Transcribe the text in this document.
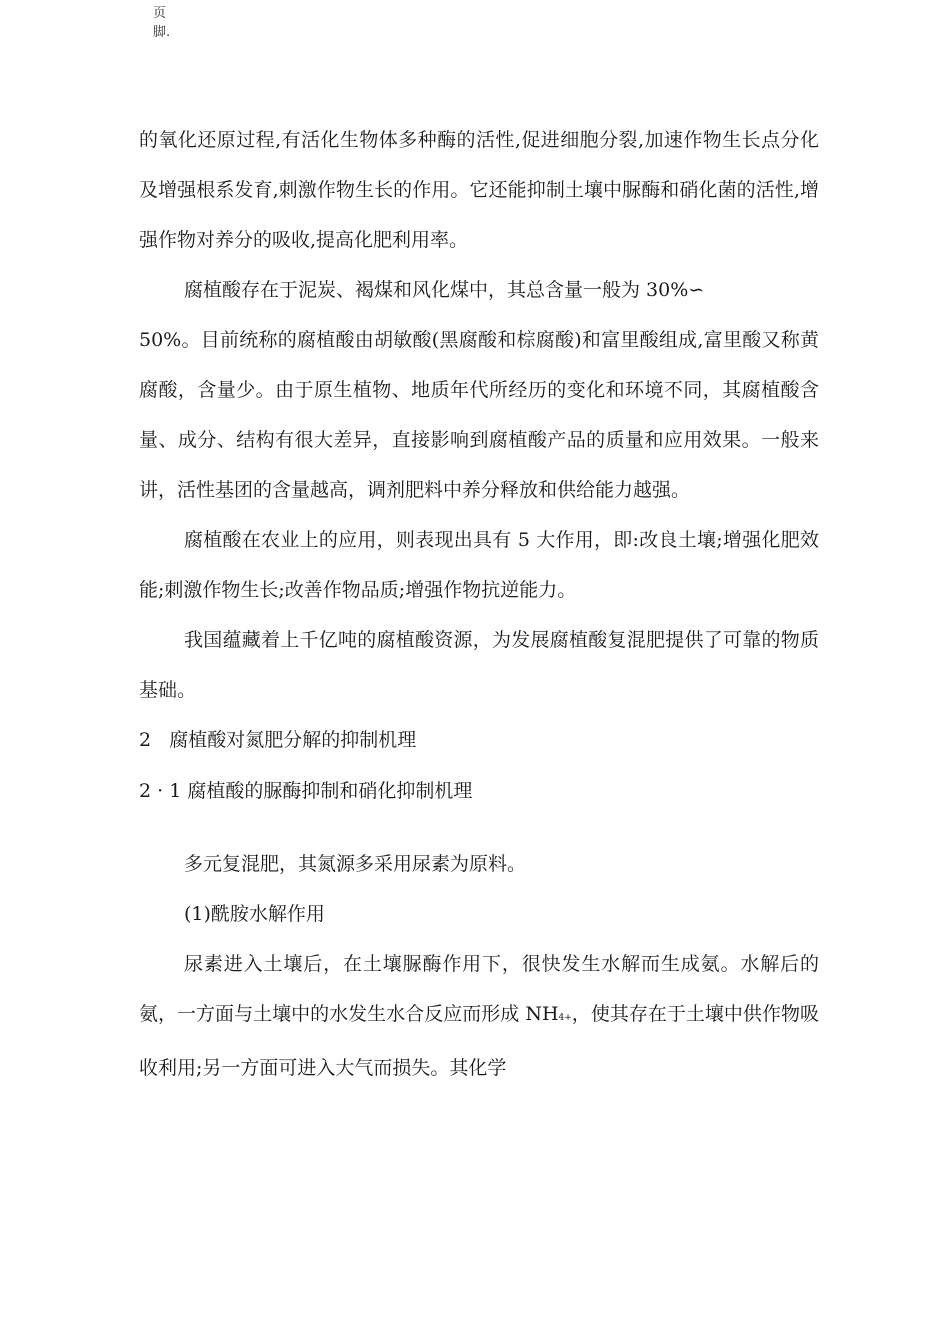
页
脚.

的氧化还原过程,有活化生物体多种酶的活性,促进细胞分裂,加速作物生长点分化及增强根系发育,刺激作物生长的作用。它还能抑制土壤中脲酶和硝化菌的活性,增强作物对养分的吸收,提高化肥利用率。

腐植酸存在于泥炭、褐煤和风化煤中，其总含量一般为 30%∽

50%。目前统称的腐植酸由胡敏酸(黑腐酸和棕腐酸)和富里酸组成,富里酸又称黄腐酸，含量少。由于原生植物、地质年代所经历的变化和环境不同，其腐植酸含量、成分、结构有很大差异，直接影响到腐植酸产品的质量和应用效果。一般来讲，活性基团的含量越高，调剂肥料中养分释放和供给能力越强。

腐植酸在农业上的应用，则表现出具有 5 大作用，即:改良土壤;增强化肥效能;刺激作物生长;改善作物品质;增强作物抗逆能力。

我国蕴藏着上千亿吨的腐植酸资源，为发展腐植酸复混肥提供了可靠的物质基础。

2   腐植酸对氮肥分解的抑制机理

2 · 1 腐植酸的脲酶抑制和硝化抑制机理

多元复混肥，其氮源多采用尿素为原料。

(1)酰胺水解作用

尿素进入土壤后，在土壤脲酶作用下，很快发生水解而生成氨。水解后的氨，一方面与土壤中的水发生水合反应而形成 NH4+，使其存在于土壤中供作物吸收利用;另一方面可进入大气而损失。其化学
